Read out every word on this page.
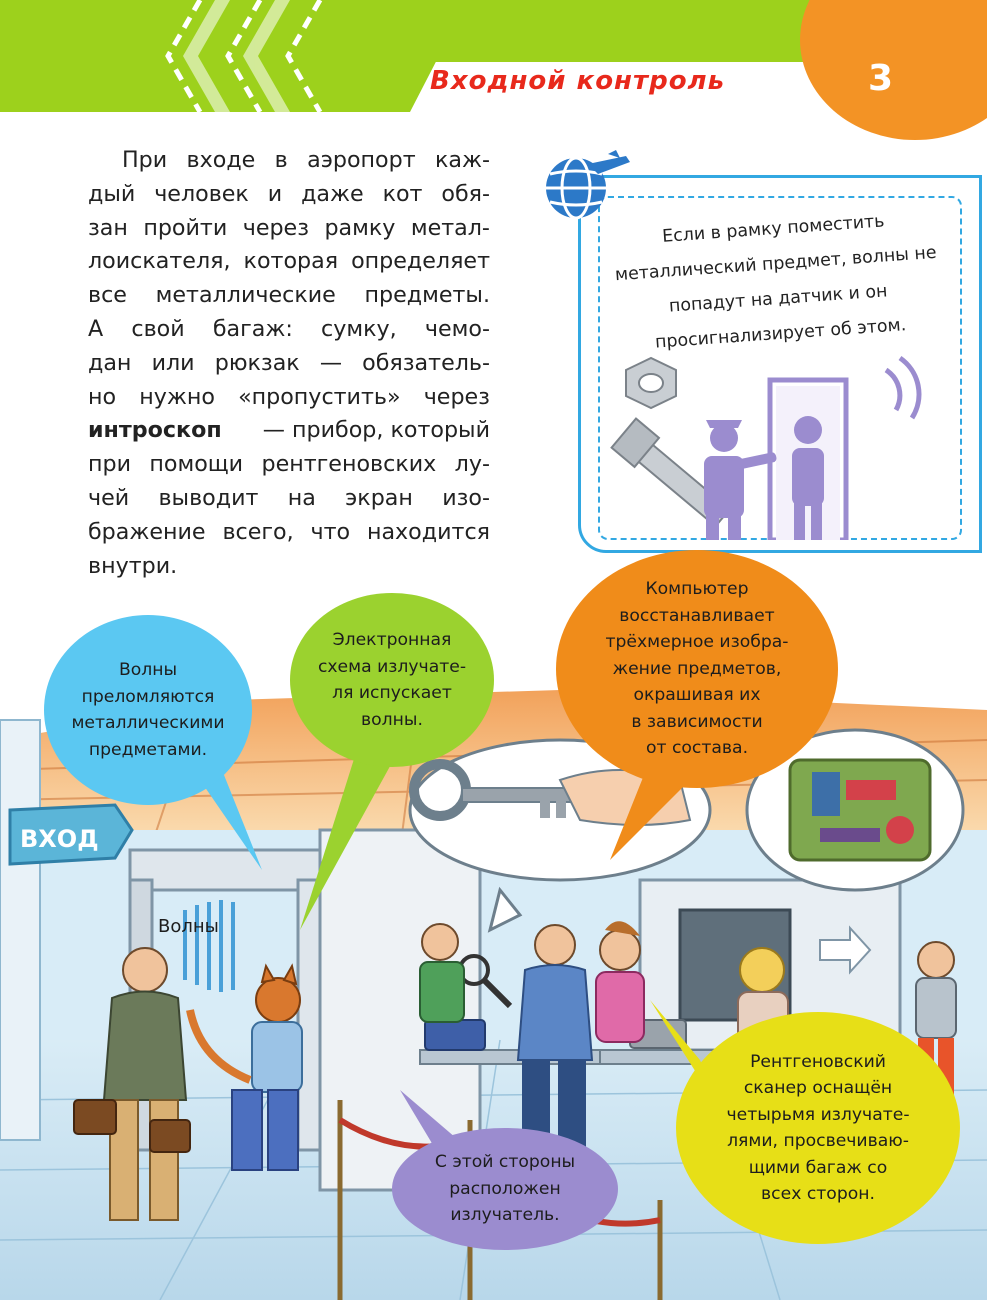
Входной контроль	3
При входе в аэропорт каж-
дый человек и даже кот обя-
зан пройти через рамку метал-
лоискателя, которая определяет
все металлические предметы.
А свой багаж: сумку, чемо-
дан или рюкзак — обязатель-
но нужно «пропустить» через
интроскоп — прибор, который
при помощи рентгеновских лу-
чей выводит на экран изо-
бражение всего, что находится
внутри.
Если в рамку поместить металлический предмет, волны не попадут на датчик и он просигнализирует об этом.
ВХОД
Волны
Волны
преломляются
металлическими
предметами.
Электронная
схема излучате-
ля испускает
волны.
Компьютер
восстанавливает
трёхмерное изобра-
жение предметов,
окрашивая их
в зависимости
от состава.
С этой стороны
расположен
излучатель.
Рентгеновский
сканер оснащён
четырьмя излучате-
лями, просвечиваю-
щими багаж со
всех сторон.
